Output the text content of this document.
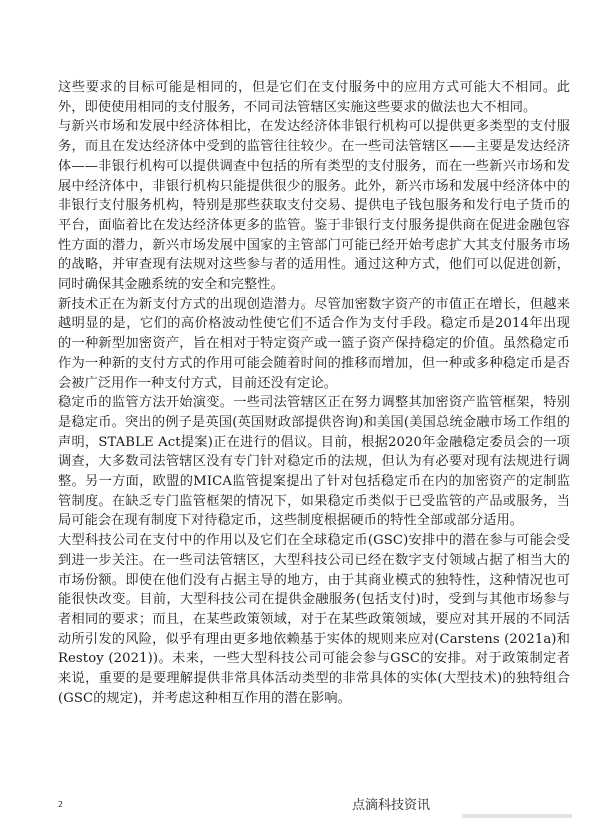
这些要求的目标可能是相同的，但是它们在支付服务中的应用方式可能大不相同。此外，即使使用相同的支付服务，不同司法管辖区实施这些要求的做法也大不相同。

与新兴市场和发展中经济体相比，在发达经济体非银行机构可以提供更多类型的支付服务，而且在发达经济体中受到的监管往往较少。在一些司法管辖区——主要是发达经济体——非银行机构可以提供调查中包括的所有类型的支付服务，而在一些新兴市场和发展中经济体中，非银行机构只能提供很少的服务。此外，新兴市场和发展中经济体中的非银行支付服务机构，特别是那些获取支付交易、提供电子钱包服务和发行电子货币的平台，面临着比在发达经济体更多的监管。鉴于非银行支付服务提供商在促进金融包容性方面的潜力，新兴市场发展中国家的主管部门可能已经开始考虑扩大其支付服务市场的战略，并审查现有法规对这些参与者的适用性。通过这种方式，他们可以促进创新，同时确保其金融系统的安全和完整性。

新技术正在为新支付方式的出现创造潜力。尽管加密数字资产的市值正在增长，但越来越明显的是，它们的高价格波动性使它们不适合作为支付手段。稳定币是2014年出现的一种新型加密资产，旨在相对于特定资产或一篮子资产保持稳定的价值。虽然稳定币作为一种新的支付方式的作用可能会随着时间的推移而增加，但一种或多种稳定币是否会被广泛用作一种支付方式，目前还没有定论。

稳定币的监管方法开始演变。一些司法管辖区正在努力调整其加密资产监管框架，特别是稳定币。突出的例子是英国(英国财政部提供咨询)和美国(美国总统金融市场工作组的声明，STABLE Act提案)正在进行的倡议。目前，根据2020年金融稳定委员会的一项调查，大多数司法管辖区没有专门针对稳定币的法规，但认为有必要对现有法规进行调整。另一方面，欧盟的MICA监管提案提出了针对包括稳定币在内的加密资产的定制监管制度。在缺乏专门监管框架的情况下，如果稳定币类似于已受监管的产品或服务，当局可能会在现有制度下对待稳定币，这些制度根据硬币的特性全部或部分适用。

大型科技公司在支付中的作用以及它们在全球稳定币(GSC)安排中的潜在参与可能会受到进一步关注。在一些司法管辖区，大型科技公司已经在数字支付领域占据了相当大的市场份额。即使在他们没有占据主导的地方，由于其商业模式的独特性，这种情况也可能很快改变。目前，大型科技公司在提供金融服务(包括支付)时，受到与其他市场参与者相同的要求；而且，在某些政策领域，对于在某些政策领域，要应对其开展的不同活动所引发的风险，似乎有理由更多地依赖基于实体的规则来应对(Carstens (2021a)和Restoy (2021))。未来，一些大型科技公司可能会参与GSC的安排。对于政策制定者来说，重要的是要理解提供非常具体活动类型的非常具体的实体(大型技术)的独特组合(GSC的规定)，并考虑这种相互作用的潜在影响。

2	点滴科技资讯
